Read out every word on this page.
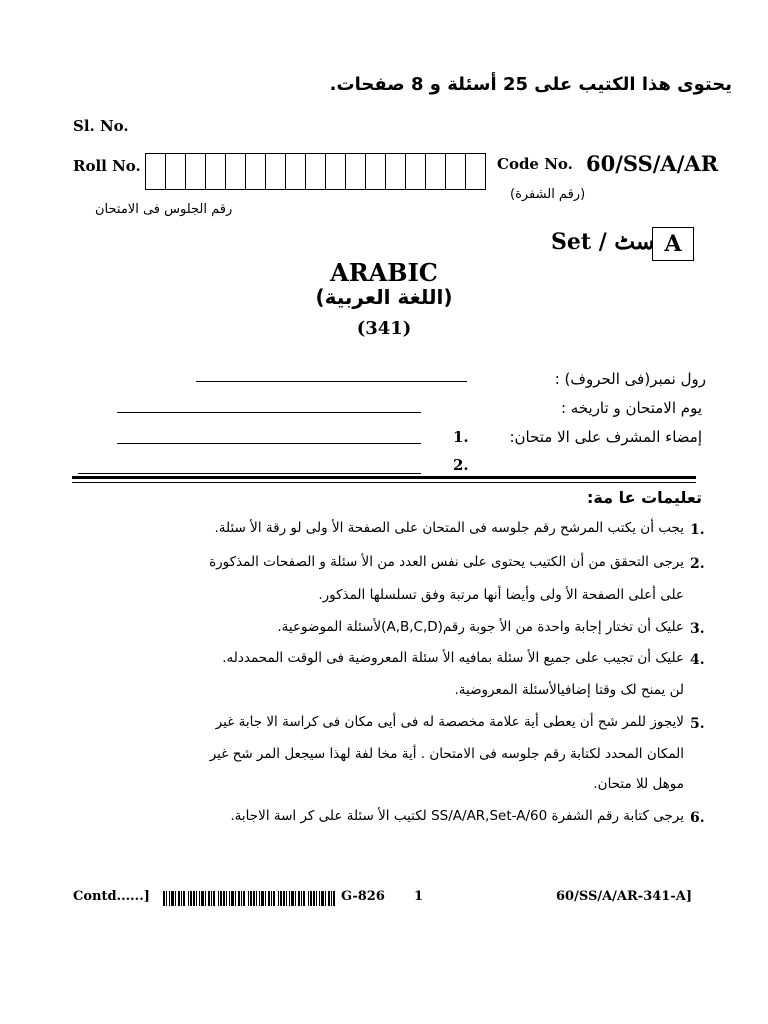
يحتوى هذا الكتيب على 25 أسئلة و 8 صفحات.
Sl. No.
Roll No.
رقم الجلوس فى الامتحان
Code No. 60/SS/A/AR
(رقم الشفرة)
Set / سٹ A
ARABIC
(اللغة العربية)
(341)
رول نمبر(فى الحروف) :
يوم الامتحان و تاريخه :
إمضاء المشرف على الا متحان:
1.
2.
تعليمات عا مة:
1.
يجب أن يكتب المرشح رقم جلوسه فى المتحان على الصفحة الأ ولى لو رقة الأ سئلة.
2.
يرجى التحقق من أن الكتيب يحتوى على نفس العدد من الأ سئلة و الصفحات المذكورة
على أعلى الصفحة الأ ولى وأيضا أنها مرتبة وفق تسلسلها المذكور.
3.
عليک أن تختار إجابة واحدة من الأ جوبة رقم(A,B,C,D)لأسئلة الموضوعية.
4.
عليک أن تجيب على جميع الأ سئلة بمافيه الأ سئلة المعروضية فى الوقت المحمددله.
لن يمنح لک وقتا إضافيالأسئلة المعروضية.
5.
لايجوز للمر شح أن يعطى أية علامة مخصصة له فى أيى مكان فى كراسة الا جابة غير
المكان المحدد لكتابة رقم جلوسه فى الامتحان . أية مخا لفة لهذا سيجعل المر شح غير
موهل للا متحان.
6.
يرجى كتابة رقم الشفرة 60/SS/A/AR,Set-A لكتيب الأ سئلة على كر اسة الاجابة.
Contd......]	G-826 1	60/SS/A/AR-341-A]
